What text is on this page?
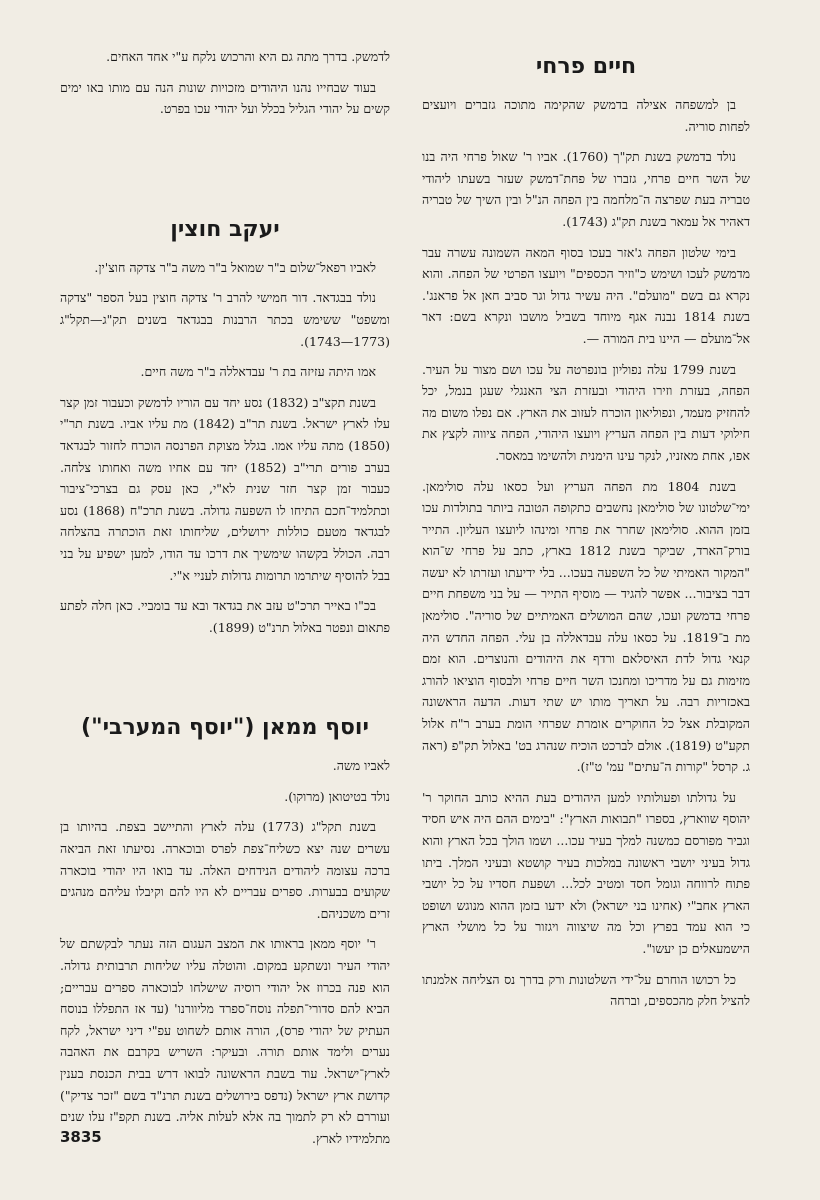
חיים פרחי

בן למשפחה אצילה בדמשק שהקימה מתוכה גזברים ויועצים לפחות סוריה.

נולד בדמשק בשנת תק"ך (1760). אביו ר' שאול פרחי היה בנו של השר חיים פרחי, גזברו של פחת־דמשק שעזר בשעתו ליהודי טבריה בעת שפרצה ה־מלחמה בין הפחה הנ"ל ובין השיך של טבריה דאהיר אל עמאר בשנת תק"ג (1743).

בימי שלטון הפחה ג'אזר בעכו בסוף המאה השמונה עשרה עבר מדמשק לעכו ושימש כ"וזיר הכספים" ויועצו הפרטי של הפחה. והוא נקרא גם בשם "מועלם". היה עשיר גדול וגר סביב חאן אל פראנג'. בשנת 1814 נבנה אגף מיוחד בשביל מושבו ונקרא בשם: דאר אל־מועלם — היינו בית המורה —.

בשנת 1799 עלה נפוליון בונפרטה על עכו ושם מצור על העיר. הפחה, בעזרת וזירו היהודי ובעזרת הצי האנגלי שעגן בנמל, יכל להחזיק מעמד, ונפוליאון הוכרח לעזוב את הארץ. אם נפלו משום מה חילוקי דעות בין הפחה העריץ ויועצו היהודי, הפחה ציווה לקצץ את אפו, אחת מאזניו, לנקר עינו הימנית ולהשימו במאסר.

בשנת 1804 מת הפחה העריץ ועל כסאו עלה סולימאן. ימי־שלטונו של סולימאן נחשבים כתקופה הטובה ביותר בתולדות עכו בזמן ההוא. סולימאן שחרר את פרחי ומינהו ליועצו העליון. התייר בורק־הארד, שביקר בשנת 1812 בארץ, כתב על פרחי ש־הוא "המקור האמיתי של כל השפעה בעכו... בלי ידיעתו ועזרתו לא יעשה דבר בציבור... אפשר להגיד — מוסיף התייר — על בני משפחת חיים פרחי בדמשק ועכו, שהם המושלים האמיתיים של סוריה". סולימאן מת ב־1819. על כסאו עלה עבדאללה בן עלי. הפחה החדש היה קנאי גדול לדת האיסלאם ורדף את היהודים והנוצרים. הוא זמם מזימות גם על מדריכו ומחנכו השר חיים פרחי ולבסוף הוציאו להורג באכזריות רבה. על תאריך מותו יש שתי דעות. הדעה הראשונה המקובלת אצל כל החוקרים אומרת שפרחי הומת בערב ר"ח אלול תקע"ט (1819). אולם לברכט הוכיח שנהרג בט' באלול תק"פ (ראה ג. קרסל "קורות ה־עתים" עמ' ט"ז).

על גדולתו ופעולותיו למען היהודים בעת ההיא כותב החוקר ר' יהוסף שווארץ, בספרו "תבואות הארץ": "בימים ההם היה איש חסיד וגביר מפורסם כמשנה למלך בעיר עכו... ושמו הולך בכל הארץ והוא גדול בעיני יושבי ראשונה במלכות בעיר קושטא ובעיני המלך. ביתו פתוח לרווחה וגומל חסד ומטיב לכל... ושפעת חסדיו על כל יושבי הארץ אחב"י (אחינו בני ישראל) ולא ידעו בזמן ההוא מנוגש ושופט כי הוא עמד בפרץ וכל מה שיצווה ויגזור על כל מושלי הארץ הישמעאלים כן יעשו".

כל רכושו הוחרם על־ידי השלטונות ורק בדרך נס הצליחה אלמנתו להציל חלק מהכספים, וברחה

לדמשק. בדרך מתה גם היא והרכוש נלקח ע"י אחד האחים.

בעוד שבחייו נהנו היהודים מזכויות שונות הנה עם מותו באו ימים קשים על יהודי הגליל בכלל ועל יהודי עכו בפרט.

יעקב חוצין

לאביו רפאל־שלום ב"ר שמואל ב"ר משה ב"ר צדקה חוצ'ין.

נולד בבגדאד. דור חמישי להרב ר' צדקה חוצין בעל הספר "צדקה ומשפט" ששימש בכתר הרבנות בבגדאד בשנים תק"ג—תקל"ג (1773—1743).

אמו היתה עזיזה בת ר' עבדאללה ב"ר משה חיים.

בשנת תקצ"ב (1832) נסע יחד עם הוריו לדמשק וכעבור זמן קצר עלו לארץ ישראל. בשנת תר"ב (1842) מת עליו אביו. בשנת תר"י (1850) מתה עליו אמו. בגלל מצוקת הפרנסה הוכרח לחזור לבגדאד בערב פורים תרי"ב (1852) יחד עם אחיו משה ואחותו צלחה. כעבור זמן קצר חזר שנית לא"י, כאן עסק גם בצרכי־ציבור וכתלמיד־חכם התיחו לו השפעה גדולה. בשנת תרכ"ח (1868) נסע לבגדאד מטעם כוללות ירושלים, שליחותו זאת הוכתרה בהצלחה רבה. הכולל בקשהו שימשיך את דרכו עד הודו, למען ישפיע על בני בבל להוסיף שיתרמו תרומות גדולות לעניי א"י.

בכ"ו באייר תרכ"ט עזב את בגדאד ובא עד בומביי. כאן חלה לפתע פתאום ונפטר באלול תרנ"ט (1899).

יוסף ממאן ("יוסף המערבי")

לאביו משה.

נולד בטיטואן (מרוקו).

בשנת תקל"ג (1773) עלה לארץ והתיישב בצפת. בהיותו בן עשרים שנה יצא כשליח־צפת לפרס ובוכארה. נסיעתו זאת הביאה ברכה עצומה ליהודים הנידחים האלה. עד בואו היו יהודי בוכארה שקועים בבערות. ספרים עבריים לא היו להם וקיבלו עליהם מנהגים זרים משכניהם.

ר' יוסף ממאן בראותו את המצב העגום הזה נעתר לבקשתם של יהודי העיר ונשתקע במקום. והוטלה עליו שליחות תרבותית גדולה. הוא פנה בכרוז אל יהודי רוסיה שישלחו לבוכארה ספרים עבריים; הביא להם סדורי־תפלה נוסח־ספרד מליוורנו' (עד אז התפללו בנוסח העתיק של יהודי פרס), הורה אותם לשחוט עפ"י דיני ישראל, לקח נערים ולימד אותם תורה. ובעיקר: השריש בקרבם את האהבה לארץ־ישראל. עוד בשבת הראשונה לבואו דרש בבית הכנסת בענין קדושת ארץ ישראל (נדפס בירושלים בשנת תרנ"ד בשם "זכר צדיק") ועוררם לא רק לתמוך בה אלא לעלות אליה. בשנת תקפ"ז עלו שנים מתלמידיו לארץ.

3835
